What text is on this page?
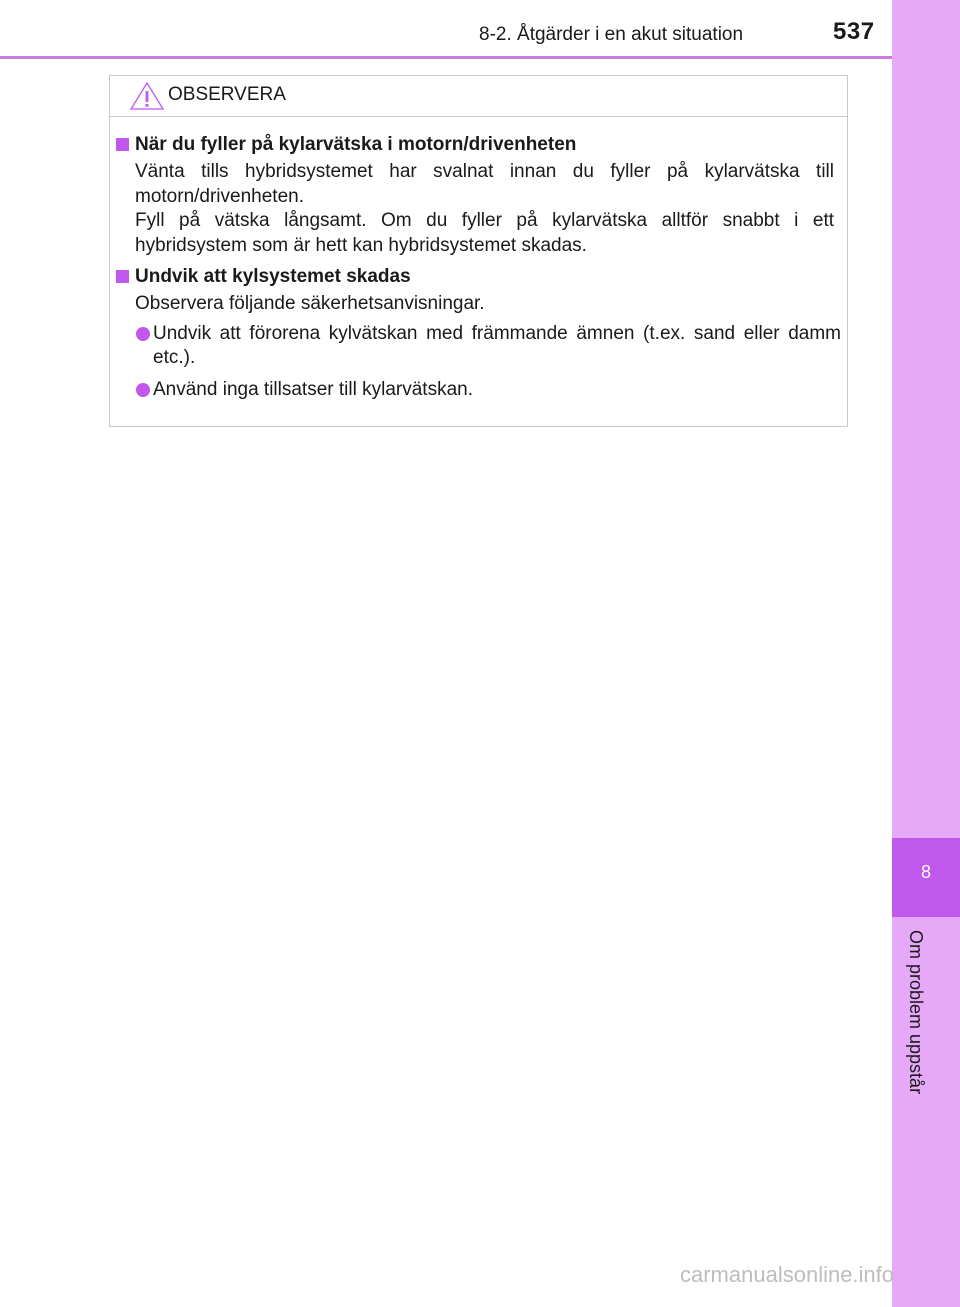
8-2. Åtgärder i en akut situation	537
8
Om problem uppstår
OBSERVERA
När du fyller på kylarvätska i motorn/drivenheten

Vänta tills hybridsystemet har svalnat innan du fyller på kylarvätska till motorn/drivenheten.

Fyll på vätska långsamt. Om du fyller på kylarvätska alltför snabbt i ett hybridsystem som är hett kan hybridsystemet skadas.

Undvik att kylsystemet skadas

Observera följande säkerhetsanvisningar.

Undvik att förorena kylvätskan med främmande ämnen (t.ex. sand eller damm etc.).

Använd inga tillsatser till kylarvätskan.

carmanualsonline.info
